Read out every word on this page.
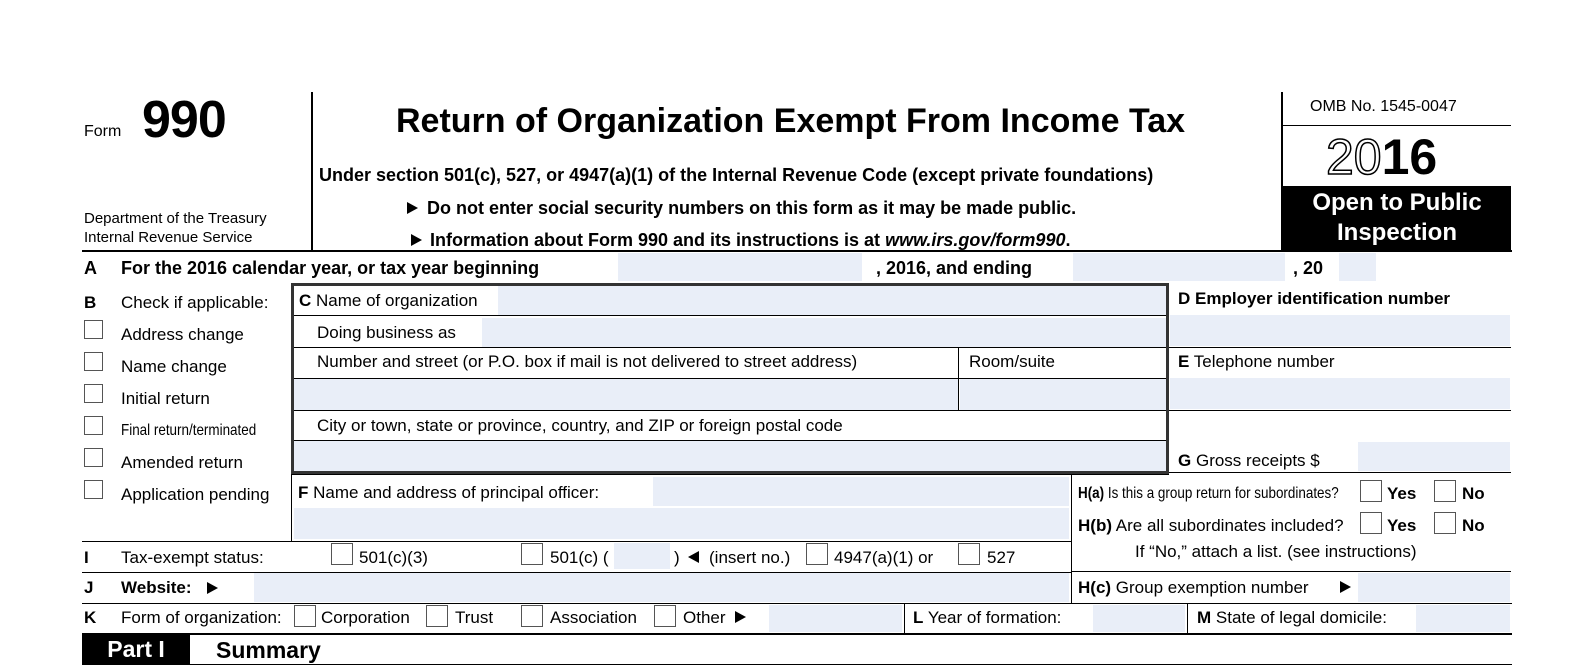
Form 990
Department of the Treasury
Internal Revenue Service
Return of Organization Exempt From Income Tax
Under section 501(c), 527, or 4947(a)(1) of the Internal Revenue Code (except private foundations)
Do not enter social security numbers on this form as it may be made public.
Information about Form 990 and its instructions is at www.irs.gov/form990.
OMB No. 1545-0047
2016
Open to Public
Inspection
A For the 2016 calendar year, or tax year beginning	, 2016, and ending	, 20
B Check if applicable:
Address change
Name change
Initial return
Final return/terminated
Amended return
Application pending
C Name of organization
Doing business as
Number and street (or P.O. box if mail is not delivered to street address)	Room/suite
City or town, state or province, country, and ZIP or foreign postal code
D Employer identification number
E Telephone number
G Gross receipts $
F Name and address of principal officer:	H(a) Is this a group return for subordinates?	Yes	No
H(b) Are all subordinates included?	Yes	No
If “No,” attach a list. (see instructions)
H(c) Group exemption number
I Tax-exempt status:	501(c)(3)	501(c) (	) (insert no.)	4947(a)(1) or	527
J Website:
K Form of organization: Corporation	Trust	Association	Other	L Year of formation:	M State of legal domicile:
Part I	Summary
